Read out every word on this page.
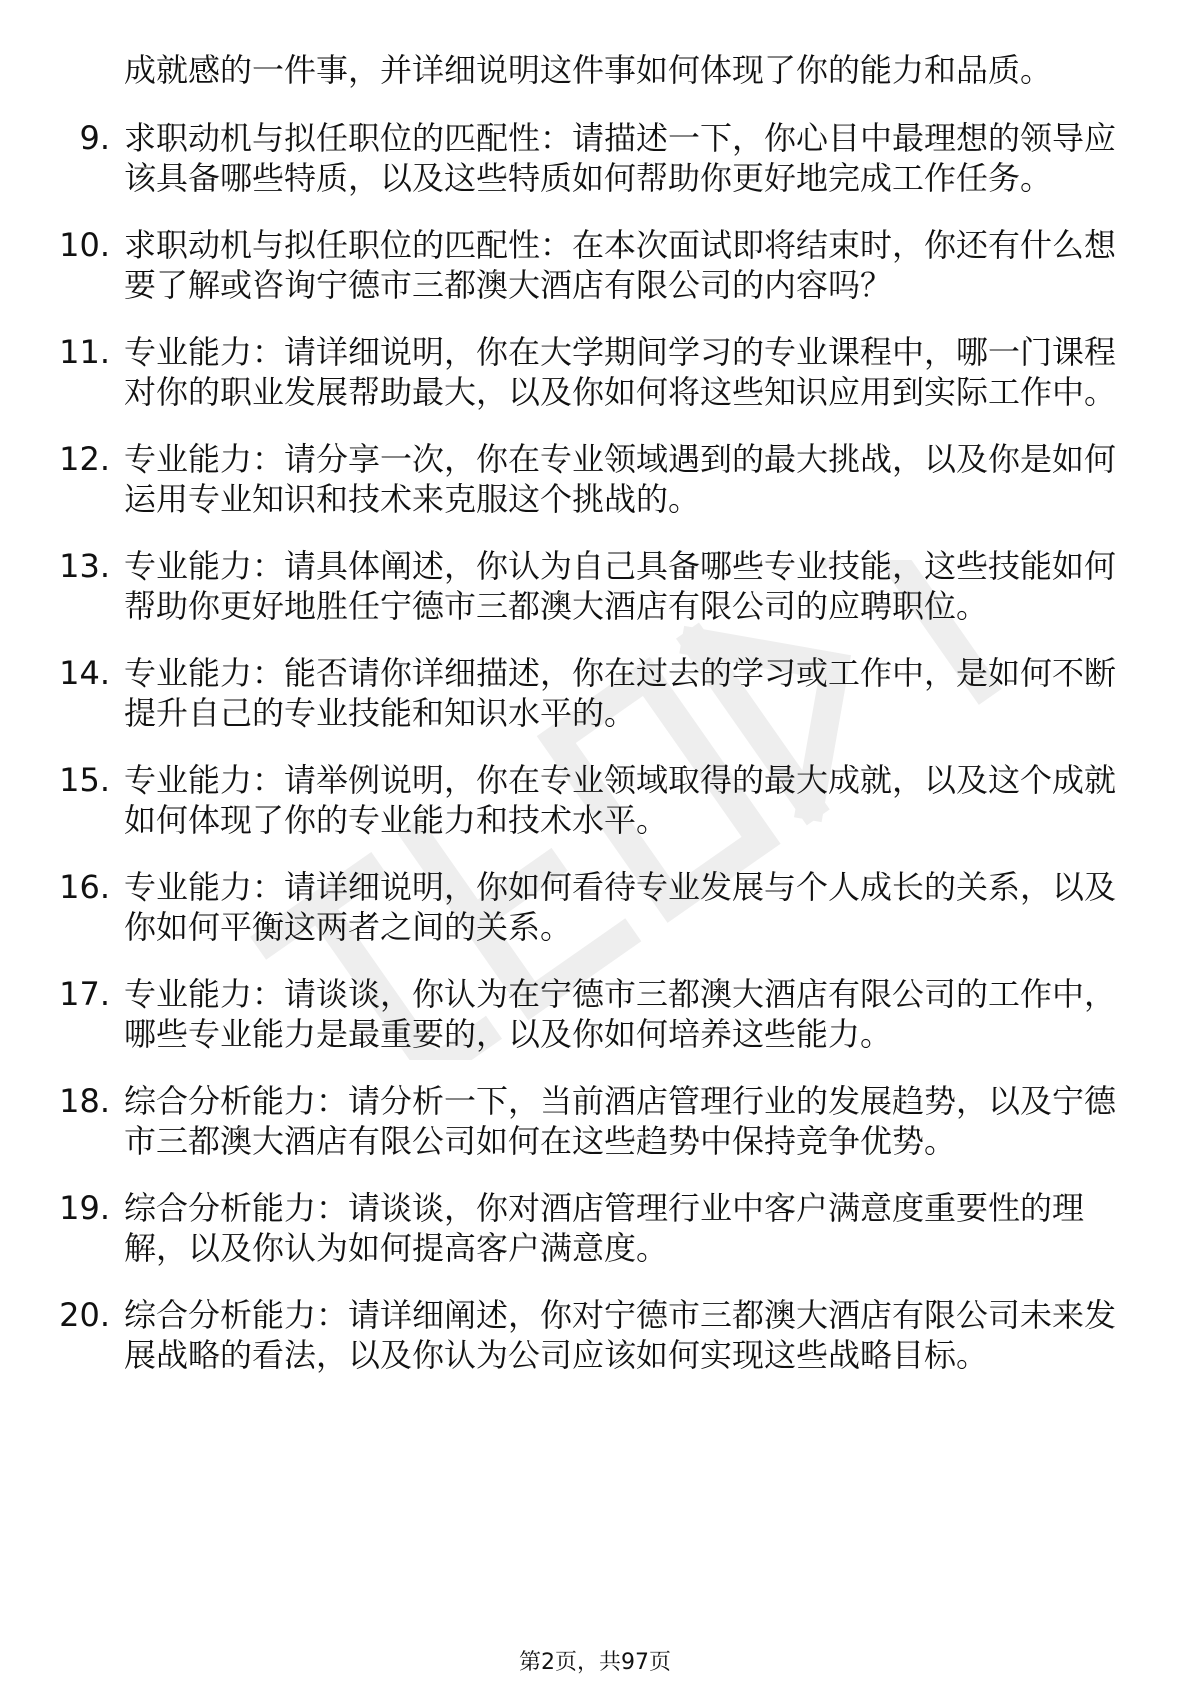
成就感的一件事，并详细说明这件事如何体现了你的能力和品质。
9. 求职动机与拟任职位的匹配性：请描述一下，你心目中最理想的领导应该具备哪些特质，以及这些特质如何帮助你更好地完成工作任务。
10. 求职动机与拟任职位的匹配性：在本次面试即将结束时，你还有什么想要了解或咨询宁德市三都澳大酒店有限公司的内容吗？
11. 专业能力：请详细说明，你在大学期间学习的专业课程中，哪一门课程对你的职业发展帮助最大，以及你如何将这些知识应用到实际工作中。
12. 专业能力：请分享一次，你在专业领域遇到的最大挑战，以及你是如何运用专业知识和技术来克服这个挑战的。
13. 专业能力：请具体阐述，你认为自己具备哪些专业技能，这些技能如何帮助你更好地胜任宁德市三都澳大酒店有限公司的应聘职位。
14. 专业能力：能否请你详细描述，你在过去的学习或工作中，是如何不断提升自己的专业技能和知识水平的。
15. 专业能力：请举例说明，你在专业领域取得的最大成就，以及这个成就如何体现了你的专业能力和技术水平。
16. 专业能力：请详细说明，你如何看待专业发展与个人成长的关系，以及你如何平衡这两者之间的关系。
17. 专业能力：请谈谈，你认为在宁德市三都澳大酒店有限公司的工作中，哪些专业能力是最重要的，以及你如何培养这些能力。
18. 综合分析能力：请分析一下，当前酒店管理行业的发展趋势，以及宁德市三都澳大酒店有限公司如何在这些趋势中保持竞争优势。
19. 综合分析能力：请谈谈，你对酒店管理行业中客户满意度重要性的理解，以及你认为如何提高客户满意度。
20. 综合分析能力：请详细阐述，你对宁德市三都澳大酒店有限公司未来发展战略的看法，以及你认为公司应该如何实现这些战略目标。
第2页，共97页
